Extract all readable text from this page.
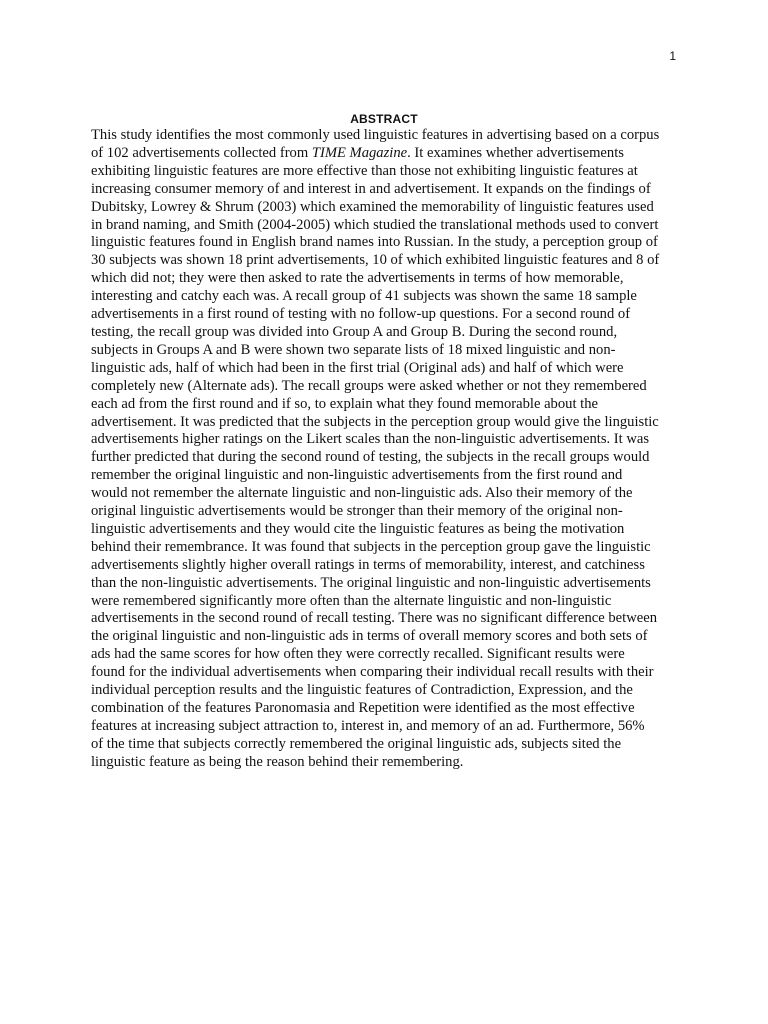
1
ABSTRACT
This study identifies the most commonly used linguistic features in advertising based on a corpus
of 102 advertisements collected from TIME Magazine. It examines whether advertisements
exhibiting linguistic features are more effective than those not exhibiting linguistic features at
increasing consumer memory of and interest in and advertisement. It expands on the findings of
Dubitsky, Lowrey & Shrum (2003) which examined the memorability of linguistic features used
in brand naming, and Smith (2004-2005) which studied the translational methods used to convert
linguistic features found in English brand names into Russian. In the study, a perception group of
30 subjects was shown 18 print advertisements, 10 of which exhibited linguistic features and 8 of
which did not; they were then asked to rate the advertisements in terms of how memorable,
interesting and catchy each was. A recall group of 41 subjects was shown the same 18 sample
advertisements in a first round of testing with no follow-up questions. For a second round of
testing, the recall group was divided into Group A and Group B. During the second round,
subjects in Groups A and B were shown two separate lists of 18 mixed linguistic and non-
linguistic ads, half of which had been in the first trial (Original ads) and half of which were
completely new (Alternate ads). The recall groups were asked whether or not they remembered
each ad from the first round and if so, to explain what they found memorable about the
advertisement. It was predicted that the subjects in the perception group would give the linguistic
advertisements higher ratings on the Likert scales than the non-linguistic advertisements. It was
further predicted that during the second round of testing, the subjects in the recall groups would
remember the original linguistic and non-linguistic advertisements from the first round and
would not remember the alternate linguistic and non-linguistic ads. Also their memory of the
original linguistic advertisements would be stronger than their memory of the original non-
linguistic advertisements and they would cite the linguistic features as being the motivation
behind their remembrance. It was found that subjects in the perception group gave the linguistic
advertisements slightly higher overall ratings in terms of memorability, interest, and catchiness
than the non-linguistic advertisements. The original linguistic and non-linguistic advertisements
were remembered significantly more often than the alternate linguistic and non-linguistic
advertisements in the second round of recall testing. There was no significant difference between
the original linguistic and non-linguistic ads in terms of overall memory scores and both sets of
ads had the same scores for how often they were correctly recalled. Significant results were
found for the individual advertisements when comparing their individual recall results with their
individual perception results and the linguistic features of Contradiction, Expression, and the
combination of the features Paronomasia and Repetition were identified as the most effective
features at increasing subject attraction to, interest in, and memory of an ad. Furthermore, 56%
of the time that subjects correctly remembered the original linguistic ads, subjects sited the
linguistic feature as being the reason behind their remembering.
